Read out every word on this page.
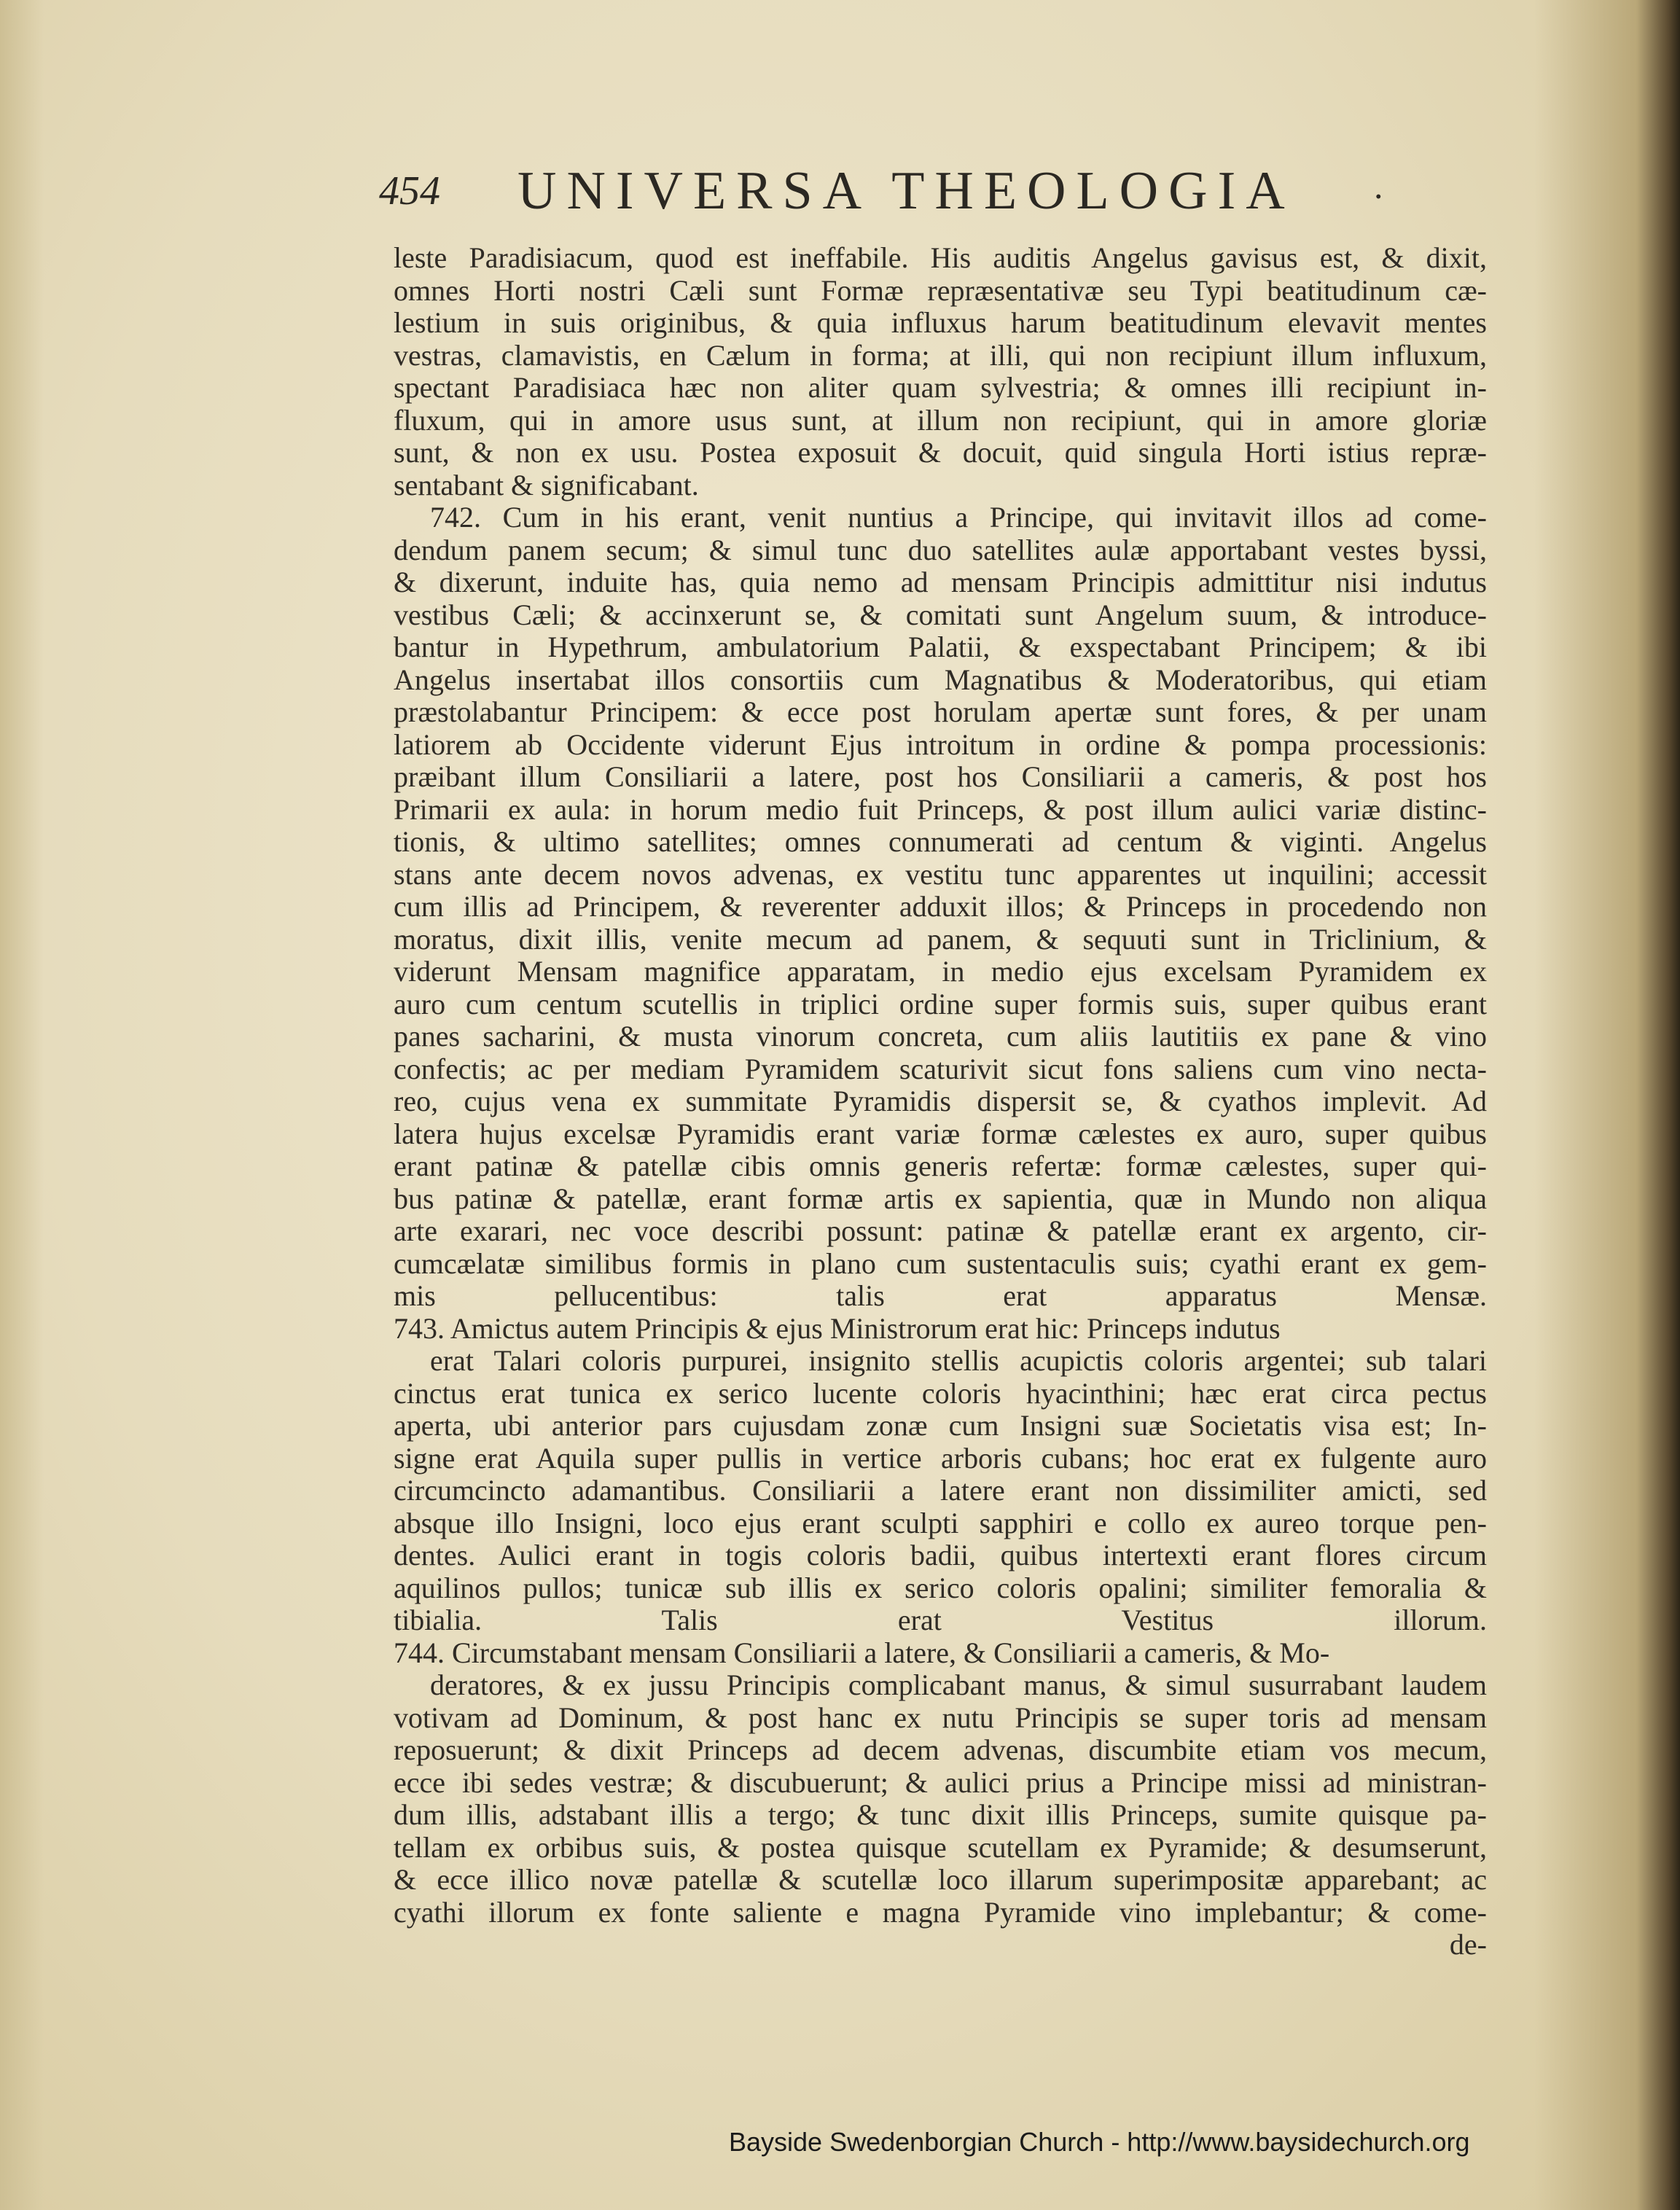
454 UNIVERSA THEOLOGIA .
leste Paradisiacum, quod est ineffabile. His auditis Angelus gavisus est, & dixit,
omnes Horti nostri Cæli sunt Formæ repræsentativæ seu Typi beatitudinum cæ-
lestium in suis originibus, & quia influxus harum beatitudinum elevavit mentes
vestras, clamavistis, en Cælum in forma; at illi, qui non recipiunt illum influxum,
spectant Paradisiaca hæc non aliter quam sylvestria; & omnes illi recipiunt in-
fluxum, qui in amore usus sunt, at illum non recipiunt, qui in amore gloriæ
sunt, & non ex usu. Postea exposuit & docuit, quid singula Horti istius repræ-
sentabant & significabant.
742. Cum in his erant, venit nuntius a Principe, qui invitavit illos ad come-
dendum panem secum; & simul tunc duo satellites aulæ apportabant vestes byssi,
& dixerunt, induite has, quia nemo ad mensam Principis admittitur nisi indutus
vestibus Cæli; & accinxerunt se, & comitati sunt Angelum suum, & introduce-
bantur in Hypethrum, ambulatorium Palatii, & exspectabant Principem; & ibi
Angelus insertabat illos consortiis cum Magnatibus & Moderatoribus, qui etiam
præstolabantur Principem: & ecce post horulam apertæ sunt fores, & per unam
latiorem ab Occidente viderunt Ejus introitum in ordine & pompa processionis:
præibant illum Consiliarii a latere, post hos Consiliarii a cameris, & post hos
Primarii ex aula: in horum medio fuit Princeps, & post illum aulici variæ distinc-
tionis, & ultimo satellites; omnes connumerati ad centum & viginti. Angelus
stans ante decem novos advenas, ex vestitu tunc apparentes ut inquilini; accessit
cum illis ad Principem, & reverenter adduxit illos; & Princeps in procedendo non
moratus, dixit illis, venite mecum ad panem, & sequuti sunt in Triclinium, &
viderunt Mensam magnifice apparatam, in medio ejus excelsam Pyramidem ex
auro cum centum scutellis in triplici ordine super formis suis, super quibus erant
panes sacharini, & musta vinorum concreta, cum aliis lautitiis ex pane & vino
confectis; ac per mediam Pyramidem scaturivit sicut fons saliens cum vino nectа-
reo, cujus vena ex summitate Pyramidis dispersit se, & cyathos implevit. Ad
latera hujus excelsæ Pyramidis erant variæ formæ cælestes ex auro, super quibus
erant patinæ & patellæ cibis omnis generis refertæ: formæ cælestes, super qui-
bus patinæ & patellæ, erant formæ artis ex sapientia, quæ in Mundo non aliqua
arte exarari, nec voce describi possunt: patinæ & patellæ erant ex argento, cir-
cumcælatæ similibus formis in plano cum sustentaculis suis; cyathi erant ex gem-
mis pellucentibus: talis erat apparatus Mensæ.
743. Amictus autem Principis & ejus Ministrorum erat hic: Princeps indutus
erat Talari coloris purpurei, insignito stellis acupictis coloris argentei; sub talari
cinctus erat tunica ex serico lucente coloris hyacinthini; hæc erat circa pectus
aperta, ubi anterior pars cujusdam zonæ cum Insigni suæ Societatis visa est; In-
signe erat Aquila super pullis in vertice arboris cubans; hoc erat ex fulgente auro
circumcincto adamantibus. Consiliarii a latere erant non dissimiliter amicti, sed
absque illo Insigni, loco ejus erant sculpti sapphiri e collo ex aureo torque pen-
dentes. Aulici erant in togis coloris badii, quibus intertexti erant flores circum
aquilinos pullos; tunicæ sub illis ex serico coloris opalini; similiter femoralia &
tibialia. Talis erat Vestitus illorum.
744. Circumstabant mensam Consiliarii a latere, & Consiliarii a cameris, & Mo-
deratores, & ex jussu Principis complicabant manus, & simul susurrabant laudem
votivam ad Dominum, & post hanc ex nutu Principis se super toris ad mensam
reposuerunt; & dixit Princeps ad decem advenas, discumbite etiam vos mecum,
ecce ibi sedes vestræ; & discubuerunt; & aulici prius a Principe missi ad ministran-
dum illis, adstabant illis a tergo; & tunc dixit illis Princeps, sumite quisque pa-
tellam ex orbibus suis, & postea quisque scutellam ex Pyramide; & desumserunt,
& ecce illico novæ patellæ & scutellæ loco illarum superimpositæ apparebant; ac
cyathi illorum ex fonte saliente e magna Pyramide vino implebantur; & come-
de-
Bayside Swedenborgian Church - http://www.baysidechurch.org
